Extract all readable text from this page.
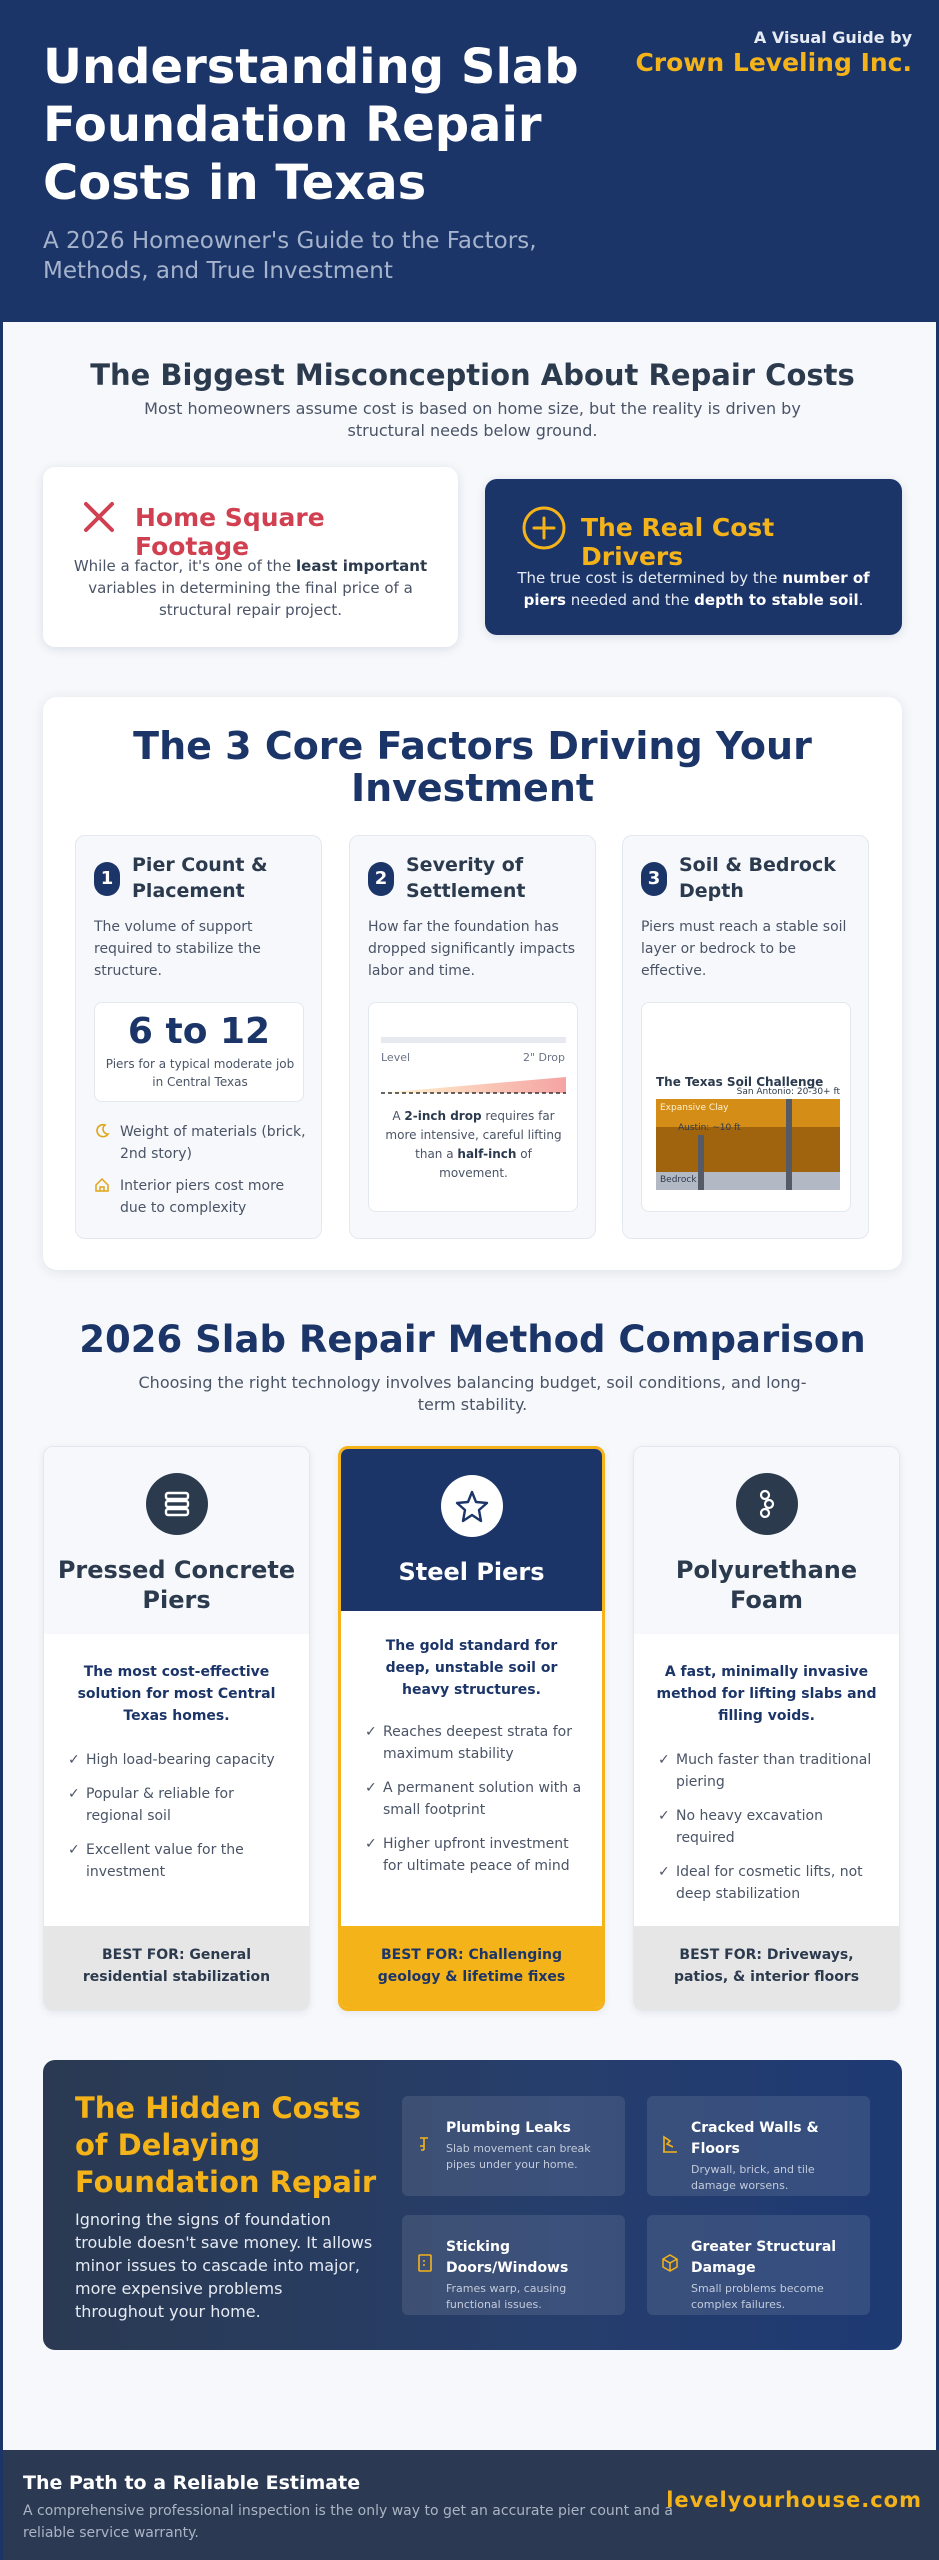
Understanding Slab Foundation Repair Costs in Texas
A 2026 Homeowner's Guide to the Factors, Methods, and True Investment
A Visual Guide by
Crown Leveling Inc.
The Biggest Misconception About Repair Costs
Most homeowners assume cost is based on home size, but the reality is driven by structural needs below ground.
Home Square Footage
While a factor, it's one of the least important variables in determining the final price of a structural repair project.
The Real Cost Drivers
The true cost is determined by the number of piers needed and the depth to stable soil.
The 3 Core Factors Driving Your Investment
1
Pier Count & Placement
The volume of support required to stabilize the structure.
6 to 12
Piers for a typical moderate job in Central Texas
Weight of materials (brick, 2nd story)
Interior piers cost more due to complexity
2
Severity of Settlement
How far the foundation has dropped significantly impacts labor and time.
Level	2" Drop
A 2-inch drop requires far more intensive, careful lifting than a half-inch of movement.
3
Soil & Bedrock Depth
Piers must reach a stable soil layer or bedrock to be effective.
The Texas Soil Challenge
San Antonio: 20-30+ ft
Expansive Clay
Austin: ~10 ft
Bedrock
2026 Slab Repair Method Comparison
Choosing the right technology involves balancing budget, soil conditions, and long-term stability.
Pressed Concrete Piers
The most cost-effective solution for most Central Texas homes.
✓ High load-bearing capacity
✓ Popular & reliable for regional soil
✓ Excellent value for the investment
BEST FOR: General residential stabilization
Steel Piers
The gold standard for deep, unstable soil or heavy structures.
✓ Reaches deepest strata for maximum stability
✓ A permanent solution with a small footprint
✓ Higher upfront investment for ultimate peace of mind
BEST FOR: Challenging geology & lifetime fixes
Polyurethane Foam
A fast, minimally invasive method for lifting slabs and filling voids.
✓ Much faster than traditional piering
✓ No heavy excavation required
✓ Ideal for cosmetic lifts, not deep stabilization
BEST FOR: Driveways, patios, & interior floors
The Hidden Costs of Delaying Foundation Repair
Ignoring the signs of foundation trouble doesn't save money. It allows minor issues to cascade into major, more expensive problems throughout your home.
Plumbing Leaks
Slab movement can break pipes under your home.
Cracked Walls & Floors
Drywall, brick, and tile damage worsens.
Sticking Doors/Windows
Frames warp, causing functional issues.
Greater Structural Damage
Small problems become complex failures.
The Path to a Reliable Estimate
A comprehensive professional inspection is the only way to get an accurate pier count and a reliable service warranty.
levelyourhouse.com
